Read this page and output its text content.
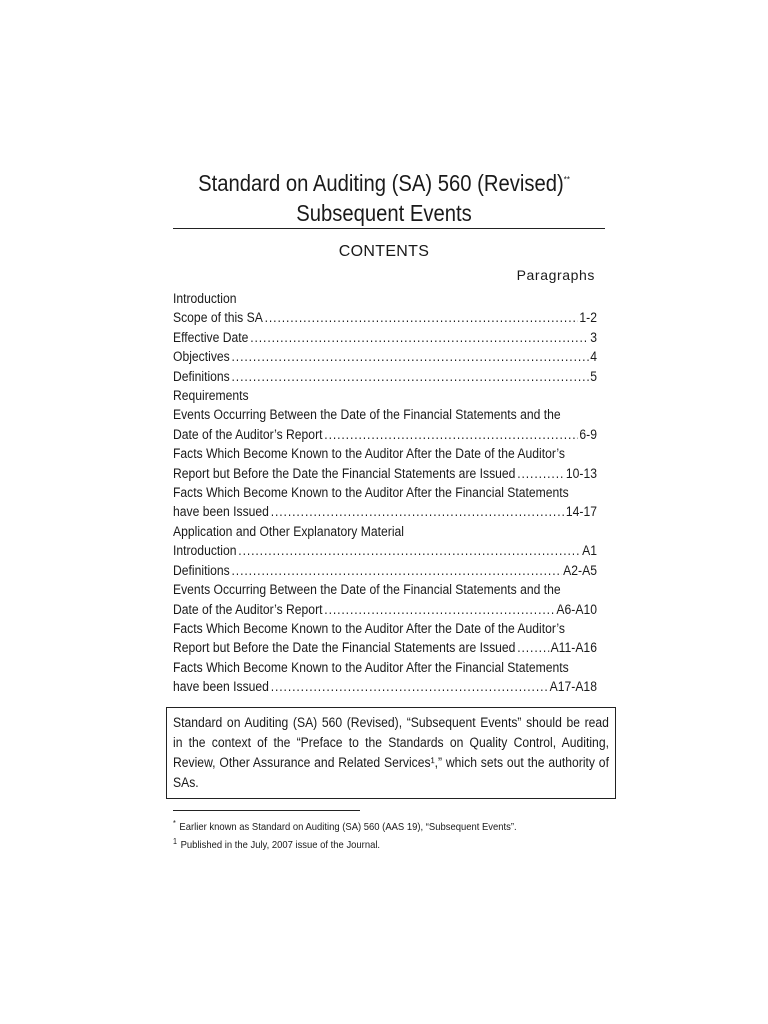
Standard on Auditing (SA) 560 (Revised)**
Subsequent Events
CONTENTS
Paragraphs
Introduction
Scope of this SA .....	1-2
Effective Date .....	3
Objectives .....	4
Definitions .....	5
Requirements
Events Occurring Between the Date of the Financial Statements and the
Date of the Auditor’s Report .....	6-9
Facts Which Become Known to the Auditor After the Date of the Auditor’s
Report but Before the Date the Financial Statements are Issued .....	10-13
Facts Which Become Known to the Auditor After the Financial Statements
have been Issued .....	14-17
Application and Other Explanatory Material
Introduction .....	A1
Definitions .....	A2-A5
Events Occurring Between the Date of the Financial Statements and the
Date of the Auditor’s Report .....	A6-A10
Facts Which Become Known to the Auditor After the Date of the Auditor’s
Report but Before the Date the Financial Statements are Issued .....	A11-A16
Facts Which Become Known to the Auditor After the Financial Statements
have been Issued .....	A17-A18
Standard on Auditing (SA) 560 (Revised), “Subsequent Events” should be read in the context of the “Preface to the Standards on Quality Control, Auditing, Review, Other Assurance and Related Services¹,” which sets out the authority of SAs.
* Earlier known as Standard on Auditing (SA) 560 (AAS 19), “Subsequent Events”.
$^1$ Published in the July, 2007 issue of the Journal.
